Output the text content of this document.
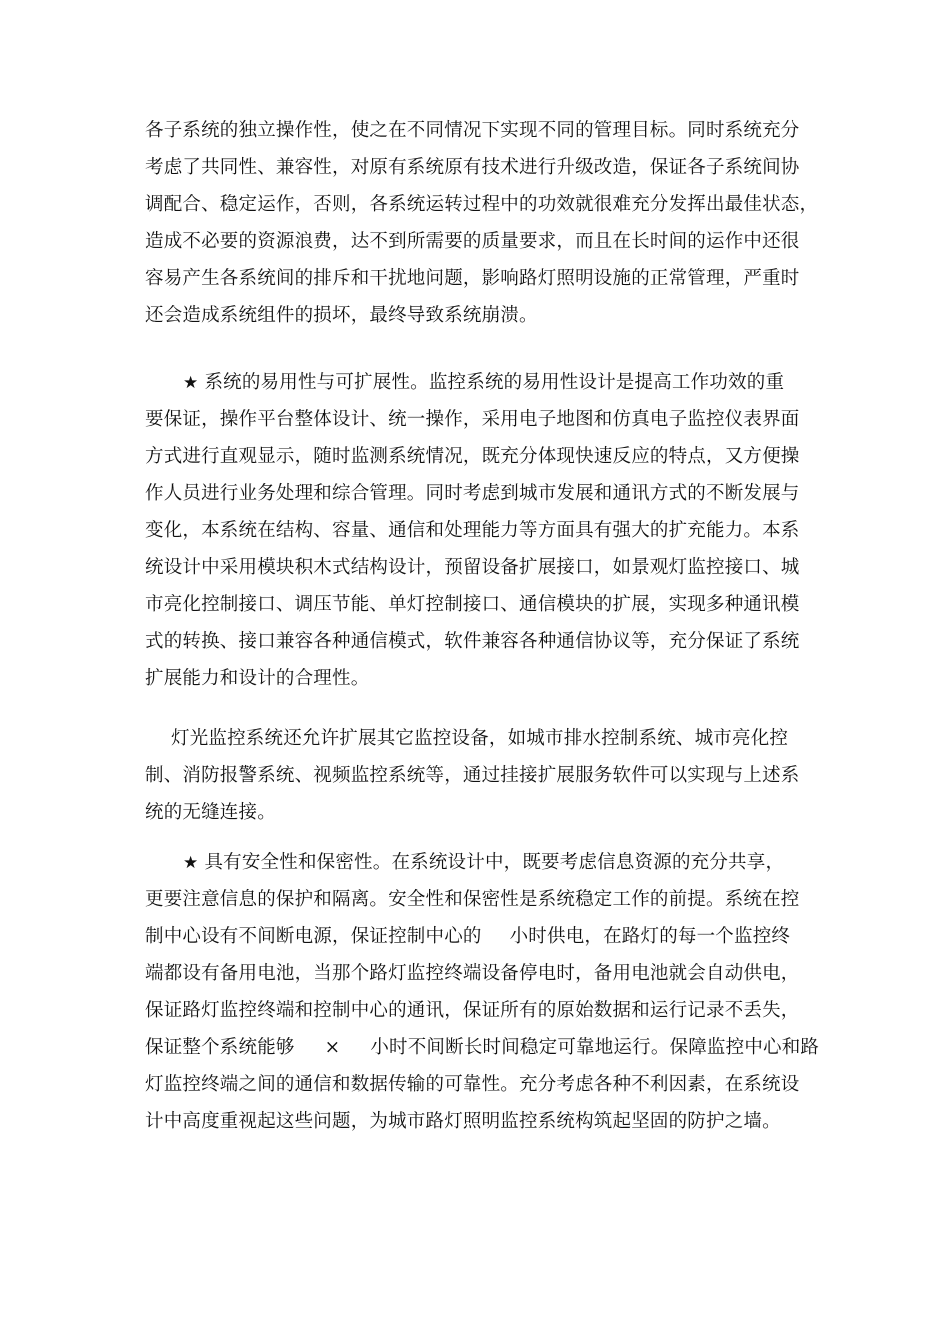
各子系统的独立操作性，使之在不同情况下实现不同的管理目标。同时系统充分
考虑了共同性、兼容性，对原有系统原有技术进行升级改造，保证各子系统间协
调配合、稳定运作，否则，各系统运转过程中的功效就很难充分发挥出最佳状态，
造成不必要的资源浪费，达不到所需要的质量要求，而且在长时间的运作中还很
容易产生各系统间的排斥和干扰地问题，影响路灯照明设施的正常管理，严重时
还会造成系统组件的损坏，最终导致系统崩溃。
★ 系统的易用性与可扩展性。监控系统的易用性设计是提高工作功效的重
要保证，操作平台整体设计、统一操作，采用电子地图和仿真电子监控仪表界面
方式进行直观显示，随时监测系统情况，既充分体现快速反应的特点，又方便操
作人员进行业务处理和综合管理。同时考虑到城市发展和通讯方式的不断发展与
变化，本系统在结构、容量、通信和处理能力等方面具有强大的扩充能力。本系
统设计中采用模块积木式结构设计，预留设备扩展接口，如景观灯监控接口、城
市亮化控制接口、调压节能、单灯控制接口、通信模块的扩展，实现多种通讯模
式的转换、接口兼容各种通信模式，软件兼容各种通信协议等，充分保证了系统
扩展能力和设计的合理性。
灯光监控系统还允许扩展其它监控设备，如城市排水控制系统、城市亮化控
制、消防报警系统、视频监控系统等，通过挂接扩展服务软件可以实现与上述系
统的无缝连接。
★ 具有安全性和保密性。在系统设计中，既要考虑信息资源的充分共享，
更要注意信息的保护和隔离。安全性和保密性是系统稳定工作的前提。系统在控
制中心设有不间断电源，保证控制中心的 小时供电，在路灯的每一个监控终
端都设有备用电池，当那个路灯监控终端设备停电时，备用电池就会自动供电，
保证路灯监控终端和控制中心的通讯，保证所有的原始数据和运行记录不丢失，
保证整个系统能够 × 小时不间断长时间稳定可靠地运行。保障监控中心和路
灯监控终端之间的通信和数据传输的可靠性。充分考虑各种不利因素，在系统设
计中高度重视起这些问题，为城市路灯照明监控系统构筑起坚固的防护之墙。
